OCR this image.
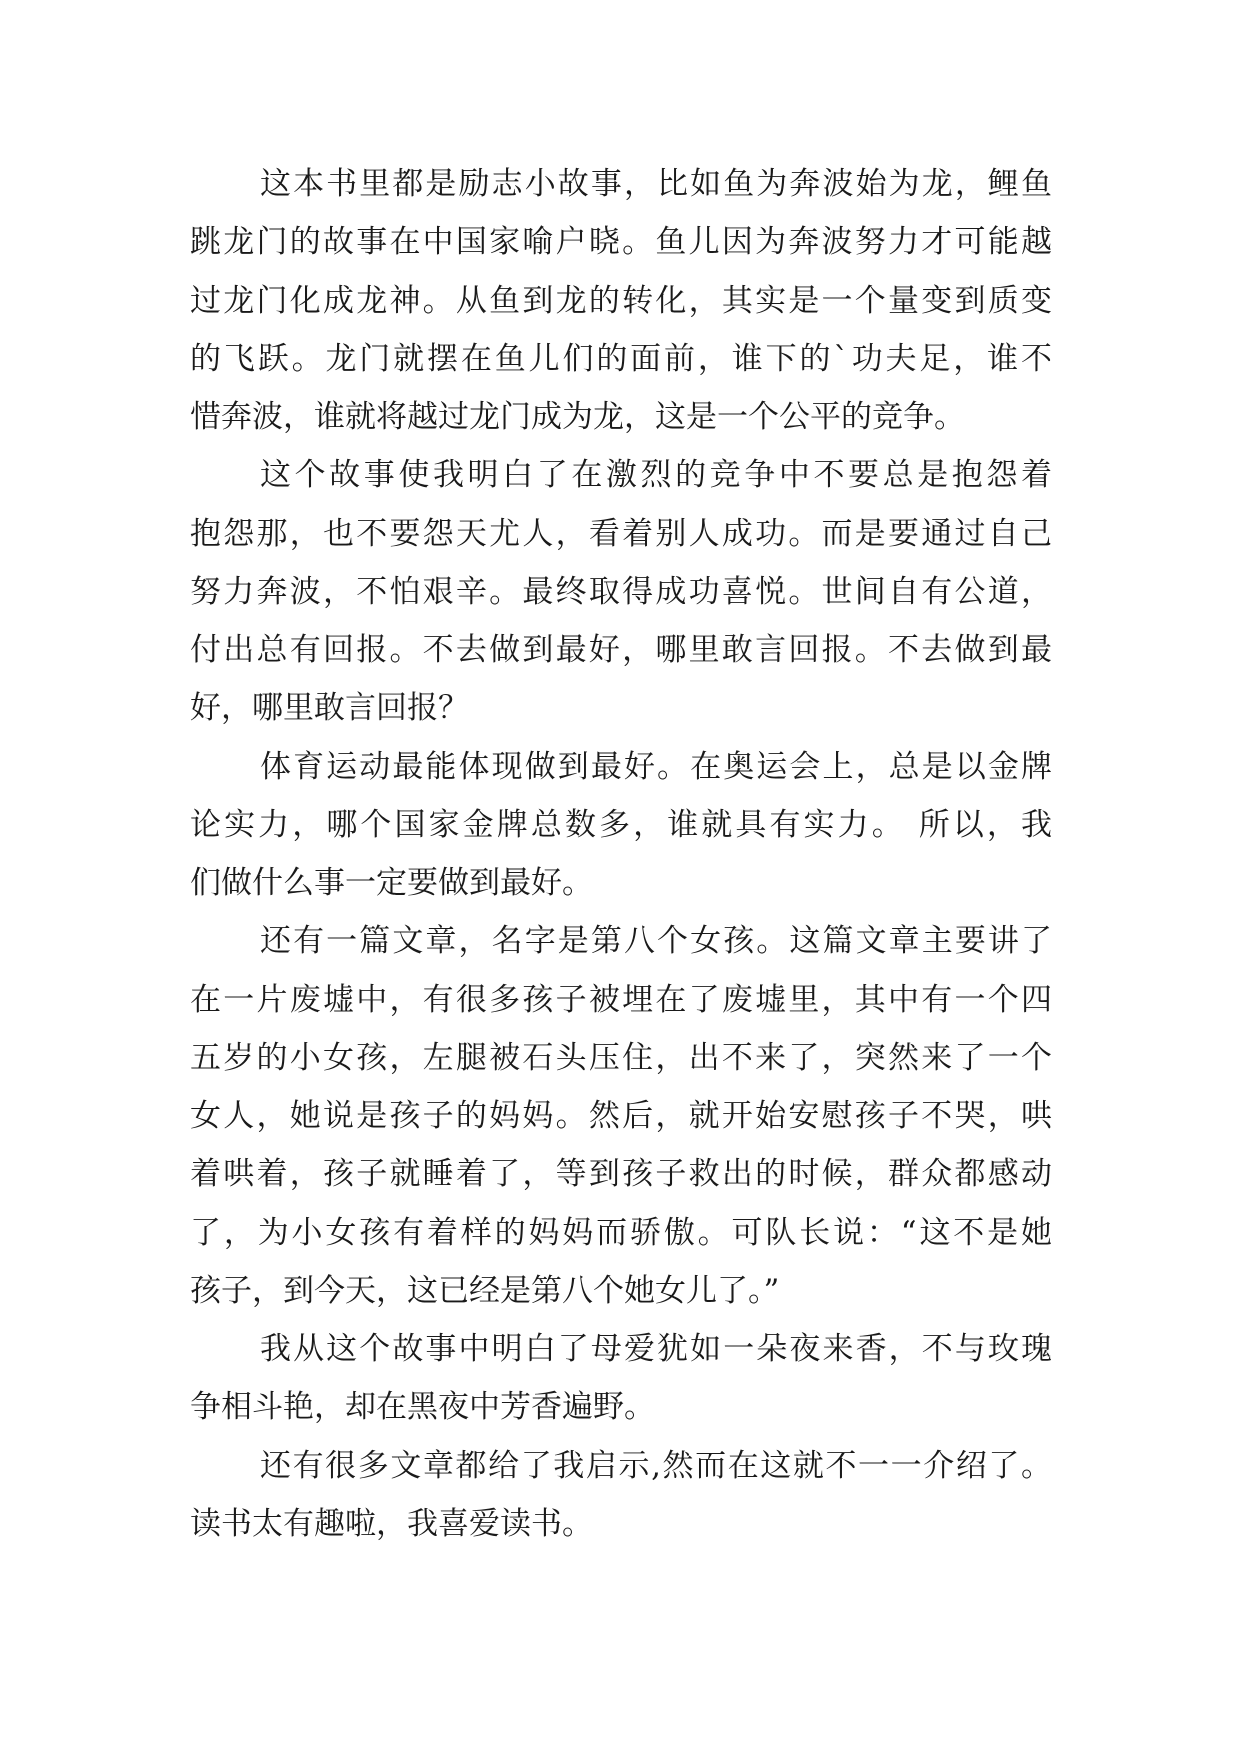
这本书里都是励志小故事，比如鱼为奔波始为龙，鲤鱼
跳龙门的故事在中国家喻户晓。鱼儿因为奔波努力才可能越
过龙门化成龙神。从鱼到龙的转化，其实是一个量变到质变
的飞跃。龙门就摆在鱼儿们的面前，谁下的`功夫足，谁不
惜奔波，谁就将越过龙门成为龙，这是一个公平的竞争。
这个故事使我明白了在激烈的竞争中不要总是抱怨着
抱怨那，也不要怨天尤人，看着别人成功。而是要通过自己
努力奔波，不怕艰辛。最终取得成功喜悦。世间自有公道，
付出总有回报。不去做到最好，哪里敢言回报。不去做到最
好，哪里敢言回报？
体育运动最能体现做到最好。在奥运会上，总是以金牌
论实力，哪个国家金牌总数多，谁就具有实力。 所以，我
们做什么事一定要做到最好。
还有一篇文章，名字是第八个女孩。这篇文章主要讲了
在一片废墟中，有很多孩子被埋在了废墟里，其中有一个四
五岁的小女孩，左腿被石头压住，出不来了，突然来了一个
女人，她说是孩子的妈妈。然后，就开始安慰孩子不哭，哄
着哄着，孩子就睡着了，等到孩子救出的时候，群众都感动
了，为小女孩有着样的妈妈而骄傲。可队长说：“这不是她
孩子，到今天，这已经是第八个她女儿了。”
我从这个故事中明白了母爱犹如一朵夜来香，不与玫瑰
争相斗艳，却在黑夜中芳香遍野。
还有很多文章都给了我启示,然而在这就不一一介绍了。
读书太有趣啦，我喜爱读书。
